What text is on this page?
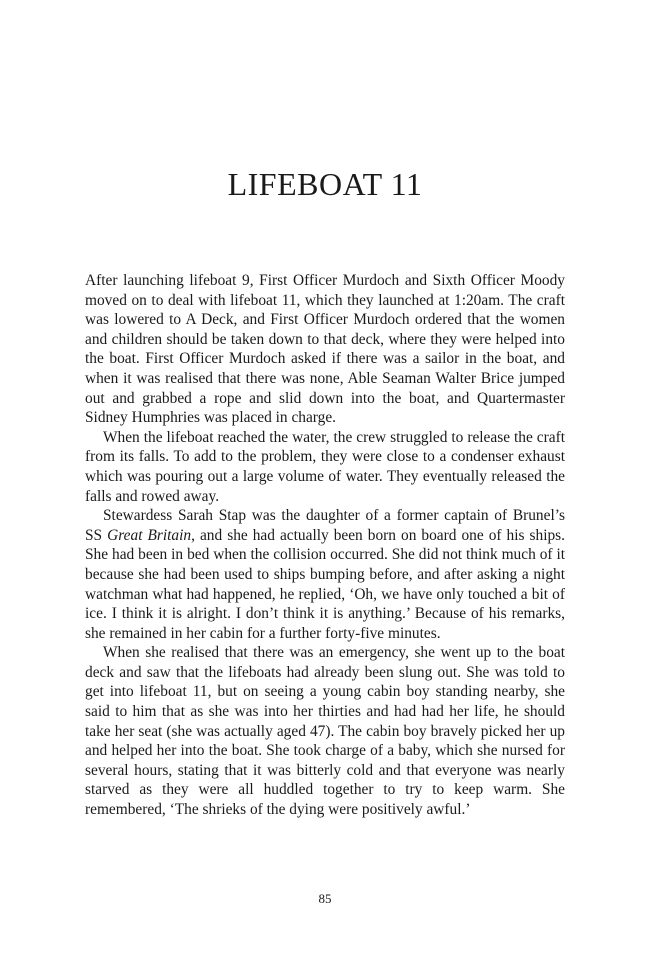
LIFEBOAT 11

After launching lifeboat 9, First Officer Murdoch and Sixth Officer Moody moved on to deal with lifeboat 11, which they launched at 1:20am. The craft was lowered to A Deck, and First Officer Murdoch ordered that the women and children should be taken down to that deck, where they were helped into the boat. First Officer Murdoch asked if there was a sailor in the boat, and when it was realised that there was none, Able Seaman Walter Brice jumped out and grabbed a rope and slid down into the boat, and Quartermaster Sidney Humphries was placed in charge.

When the lifeboat reached the water, the crew struggled to release the craft from its falls. To add to the problem, they were close to a condenser exhaust which was pouring out a large volume of water. They eventually released the falls and rowed away.

Stewardess Sarah Stap was the daughter of a former captain of Brunel’s SS Great Britain, and she had actually been born on board one of his ships. She had been in bed when the collision occurred. She did not think much of it because she had been used to ships bumping before, and after asking a night watchman what had happened, he replied, ‘Oh, we have only touched a bit of ice. I think it is alright. I don’t think it is anything.’ Because of his remarks, she remained in her cabin for a further forty-five minutes.

When she realised that there was an emergency, she went up to the boat deck and saw that the lifeboats had already been slung out. She was told to get into lifeboat 11, but on seeing a young cabin boy standing nearby, she said to him that as she was into her thirties and had had her life, he should take her seat (she was actually aged 47). The cabin boy bravely picked her up and helped her into the boat. She took charge of a baby, which she nursed for several hours, stating that it was bitterly cold and that everyone was nearly starved as they were all huddled together to try to keep warm. She remembered, ‘The shrieks of the dying were positively awful.’

85
